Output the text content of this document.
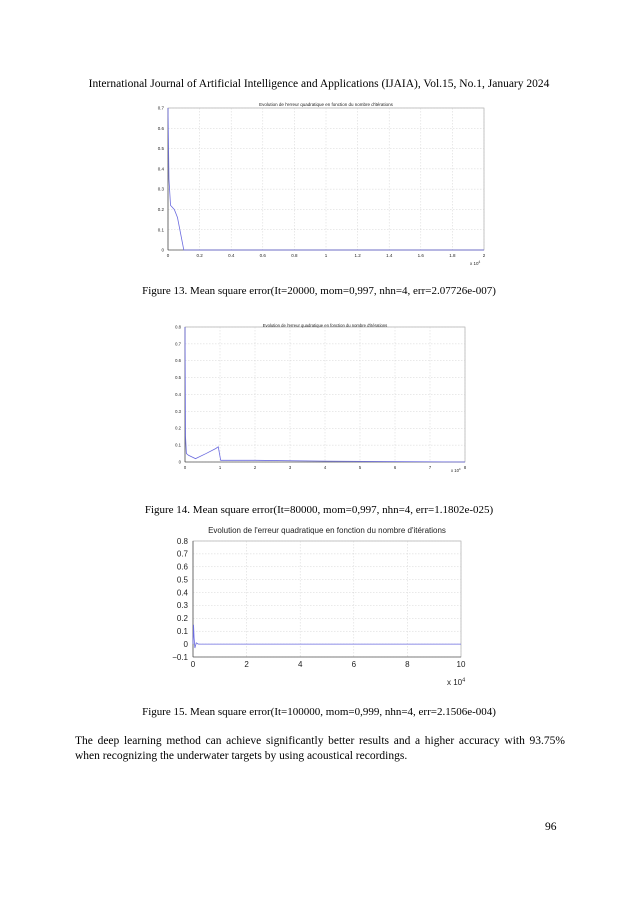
International Journal of Artificial Intelligence and Applications (IJAIA), Vol.15, No.1, January 2024
0
0.1
0.2
0.3
0.4
0.5
0.6
0.7
0	0.2	0.4	0.6	0.8	1	1.2	1.4	1.6	1.8	2
Evolution de l'erreur quadratique en fonction du nombre d'itérations
x $10^4$
0
0.1
0.2
0.3
0.4
0.5
0.6
0.7
0.8
0	1	2	3	4	5	6	7	8
Evolution de l'erreur quadratique en fonction du nombre d'itérations
x $10^4$
−0.1
0
0.1
0.2
0.3
0.4
0.5
0.6
0.7
0.8
0	2	4	6	8	10
Evolution de l'erreur quadratique en fonction du nombre d'itérations
x $10^4$
Figure 13. Mean square error(It=20000, mom=0,997, nhn=4, err=2.07726e-007)
Figure 14. Mean square error(It=80000, mom=0,997, nhn=4, err=1.1802e-025)
Figure 15. Mean square error(It=100000, mom=0,999, nhn=4, err=2.1506e-004)
The deep learning method can achieve significantly better results and a higher accuracy with 93.75% when recognizing the underwater targets by using acoustical recordings.
96
